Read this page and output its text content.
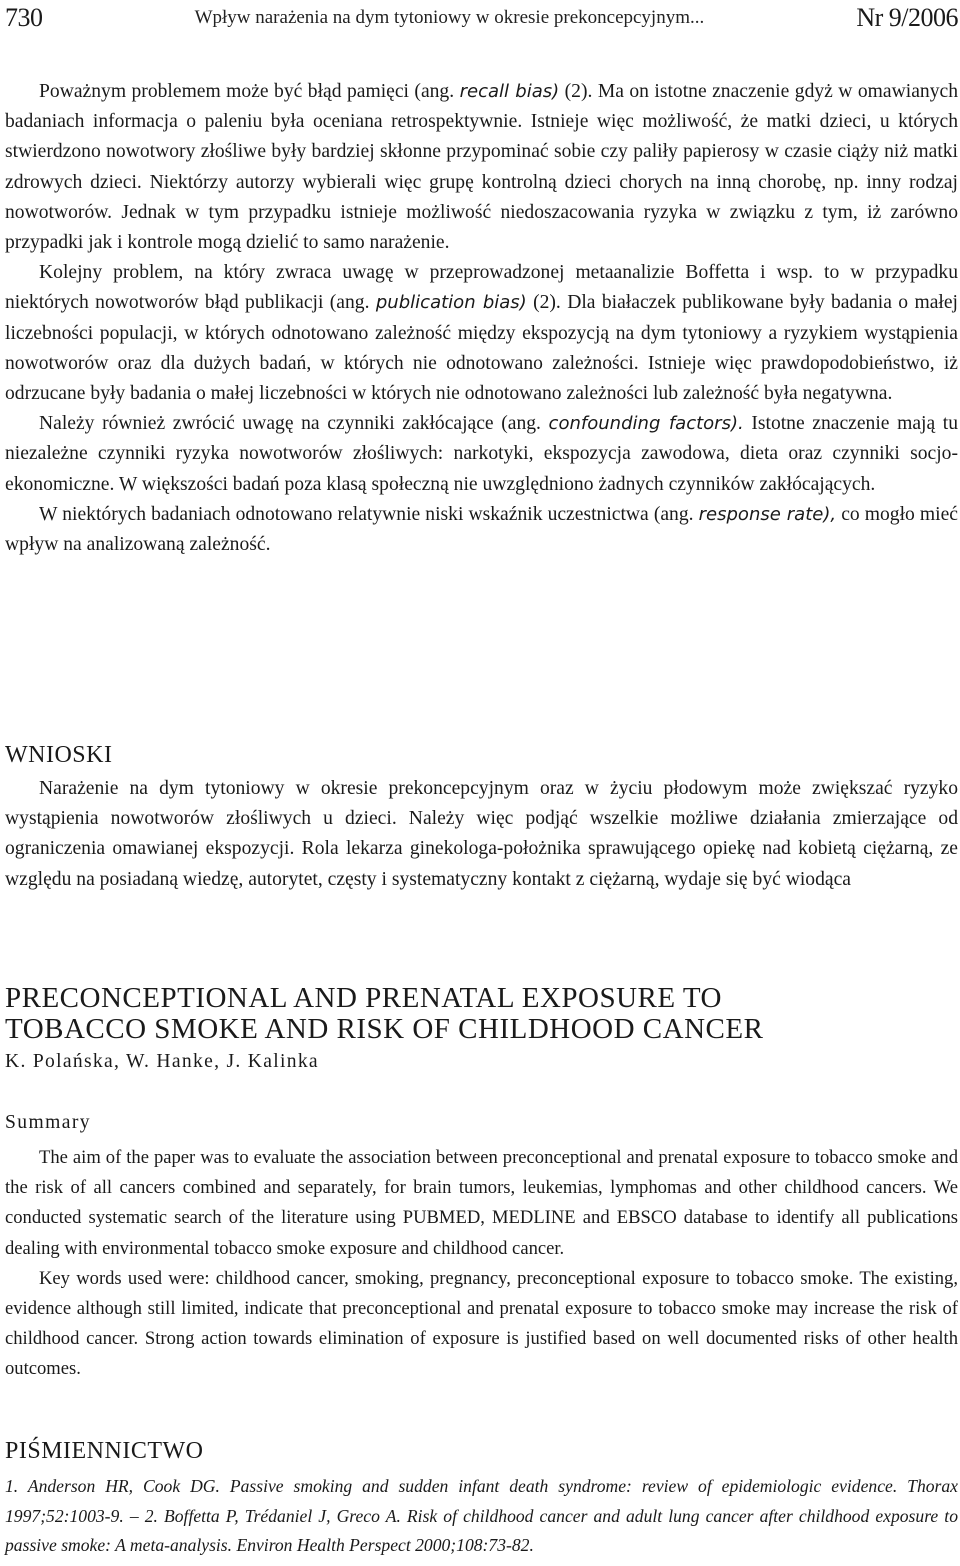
730	Wpływ narażenia na dym tytoniowy w okresie prekoncepcyjnym...	Nr 9/2006

Poważnym problemem może być błąd pamięci (ang. recall bias) (2). Ma on istotne znaczenie gdyż w omawianych badaniach informacja o paleniu była oceniana retrospektywnie. Istnieje więc możliwość, że matki dzieci, u których stwierdzono nowotwory złośliwe były bardziej skłonne przypominać sobie czy paliły papierosy w czasie ciąży niż matki zdrowych dzieci. Niektórzy autorzy wybierali więc grupę kontrolną dzieci chorych na inną chorobę, np. inny rodzaj nowotworów. Jednak w tym przypadku istnieje możliwość niedoszacowania ryzyka w związku z tym, iż zarówno przypadki jak i kontrole mogą dzielić to samo narażenie.

Kolejny problem, na który zwraca uwagę w przeprowadzonej metaanalizie Boffetta i wsp. to w przypadku niektórych nowotworów błąd publikacji (ang. publication bias) (2). Dla białaczek publikowane były badania o małej liczebności populacji, w których odnotowano zależność między ekspozycją na dym tytoniowy a ryzykiem wystąpienia nowotworów oraz dla dużych badań, w których nie odnotowano zależności. Istnieje więc prawdopodobieństwo, iż odrzucane były badania o małej liczebności w których nie odnotowano zależności lub zależność była negatywna.

Należy również zwrócić uwagę na czynniki zakłócające (ang. confounding factors). Istotne znaczenie mają tu niezależne czynniki ryzyka nowotworów złośliwych: narkotyki, ekspozycja zawodowa, dieta oraz czynniki socjo-ekonomiczne. W większości badań poza klasą społeczną nie uwzględniono żadnych czynników zakłócających.

W niektórych badaniach odnotowano relatywnie niski wskaźnik uczestnictwa (ang. response rate), co mogło mieć wpływ na analizowaną zależność.

WNIOSKI

Narażenie na dym tytoniowy w okresie prekoncepcyjnym oraz w życiu płodowym może zwiększać ryzyko wystąpienia nowotworów złośliwych u dzieci. Należy więc podjąć wszelkie możliwe działania zmierzające od ograniczenia omawianej ekspozycji. Rola lekarza ginekologa-położnika sprawującego opiekę nad kobietą ciężarną, ze względu na posiadaną wiedzę, autorytet, częsty i systematyczny kontakt z ciężarną, wydaje się być wiodąca

PRECONCEPTIONAL AND PRENATAL EXPOSURE TO
TOBACCO SMOKE AND RISK OF CHILDHOOD CANCER
K. Polańska, W. Hanke, J. Kalinka
Summary

The aim of the paper was to evaluate the association between preconceptional and prenatal exposure to tobacco smoke and the risk of all cancers combined and separately, for brain tumors, leukemias, lymphomas and other childhood cancers. We conducted systematic search of the literature using PUBMED, MEDLINE and EBSCO database to identify all publications dealing with environmental tobacco smoke exposure and childhood cancer.

Key words used were: childhood cancer, smoking, pregnancy, preconceptional exposure to tobacco smoke. The existing, evidence although still limited, indicate that preconceptional and prenatal exposure to tobacco smoke may increase the risk of childhood cancer. Strong action towards elimination of exposure is justified based on well documented risks of other health outcomes.

PIŚMIENNICTWO
1. Anderson HR, Cook DG. Passive smoking and sudden infant death syndrome: review of epidemiologic evidence. Thorax 1997;52:1003-9. – 2. Boffetta P, Trédaniel J, Greco A. Risk of childhood cancer and adult lung cancer after childhood exposure to passive smoke: A meta-analysis. Environ Health Perspect 2000;108:73-82.
